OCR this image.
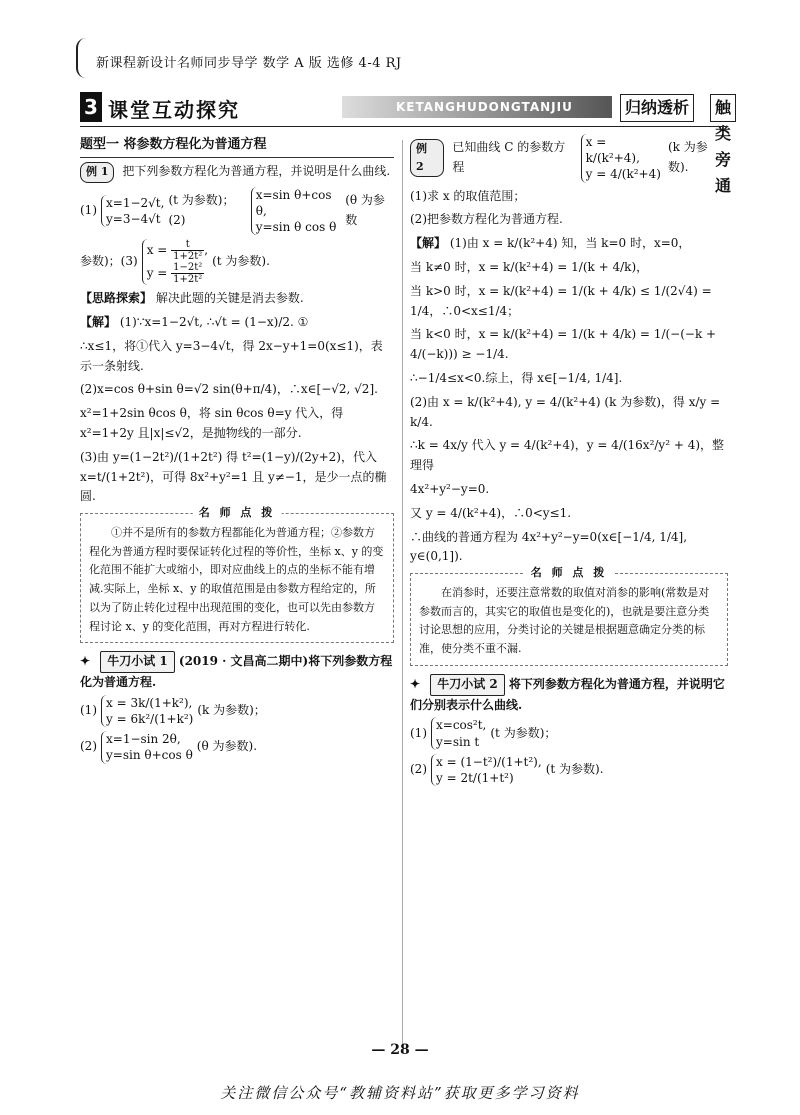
新课程新设计名师同步导学 数学 A 版 选修 4-4 RJ
3 课堂互动探究	KETANGHUDONGTANJIU	归纳透析	触类旁通
题型一 将参数方程化为普通方程

例 1 把下列参数方程化为普通方程，并说明是什么曲线.

(1)
x=1−2√t,
y=3−4√t
(t 为参数)；(2)
x=sin θ+cos θ,
y=sin θ cos θ
(θ 为参数
参数)；(3)
$x = \frac{t}{\text{1+2t²}}$ ,
$y = \frac{\text{1−2t²}}{\text{1+2t²}}$
(t 为参数).

【思路探索】 解决此题的关键是消去参数.

【解】 (1)∵x=1−2√t, ∴√t = (1−x)/2. ①

∴x≤1，将①代入 y=3−4√t，得 2x−y+1=0(x≤1)，表示一条射线.

(2)x=cos θ+sin θ=√2 sin(θ+π/4)，∴x∈[−√2, √2].

x²=1+2sin θcos θ，将 sin θcos θ=y 代入，得 x²=1+2y 且|x|≤√2，是抛物线的一部分.

(3)由 y=(1−2t²)/(1+2t²) 得 t²=(1−y)/(2y+2)，代入 x=t/(1+2t²)，可得 8x²+y²=1 且 y≠−1，是少一点的椭圆.

名 师 点 拨
①并不是所有的参数方程都能化为普通方程；②参数方程化为普通方程时要保证转化过程的等价性，坐标 x、y 的变化范围不能扩大或缩小，即对应曲线上的点的坐标不能有增减.实际上，坐标 x、y 的取值范围是由参数方程给定的，所以为了防止转化过程中出现范围的变化，也可以先由参数方程讨论 x、y 的变化范围，再对方程进行转化.
✦ 牛刀小试 1 (2019 · 文昌高二期中)将下列参数方程化为普通方程.
(1)
x = 3k/(1+k²),
y = 6k²/(1+k²)
(k 为参数)；
(2)
x=1−sin 2θ,
y=sin θ+cos θ
(θ 为参数).
例 2
已知曲线 C 的参数方程
x = k/(k²+4),
y = 4/(k²+4)
(k 为参数).

(1)求 x 的取值范围；

(2)把参数方程化为普通方程.

【解】 (1)由 x = k/(k²+4) 知，当 k=0 时，x=0，

当 k≠0 时，x = k/(k²+4) = 1/(k + 4/k)，

当 k>0 时，x = k/(k²+4) = 1/(k + 4/k) ≤ 1/(2√4) = 1/4，∴0<x≤1/4；

当 k<0 时，x = k/(k²+4) = 1/(k + 4/k) = 1/(−(−k + 4/(−k))) ≥ −1/4.

∴−1/4≤x<0.综上，得 x∈[−1/4, 1/4].

(2)由 x = k/(k²+4), y = 4/(k²+4) (k 为参数)，得 x/y = k/4.

∴k = 4x/y 代入 y = 4/(k²+4)，y = 4/(16x²/y² + 4)，整理得

4x²+y²−y=0.

又 y = 4/(k²+4)，∴0<y≤1.

∴曲线的普通方程为 4x²+y²−y=0(x∈[−1/4, 1/4], y∈(0,1]).

名 师 点 拨
在消参时，还要注意常数的取值对消参的影响(常数是对参数而言的，其实它的取值也是变化的)，也就是要注意分类讨论思想的应用，分类讨论的关键是根据题意确定分类的标准，使分类不重不漏.
✦ 牛刀小试 2 将下列参数方程化为普通方程，并说明它们分别表示什么曲线.
(1)
x=cos²t,
y=sin t
(t 为参数)；
(2)
x = (1−t²)/(1+t²),
y = 2t/(1+t²)
(t 为参数).
— 28 —
关注微信公众号“教辅资料站”获取更多学习资料
